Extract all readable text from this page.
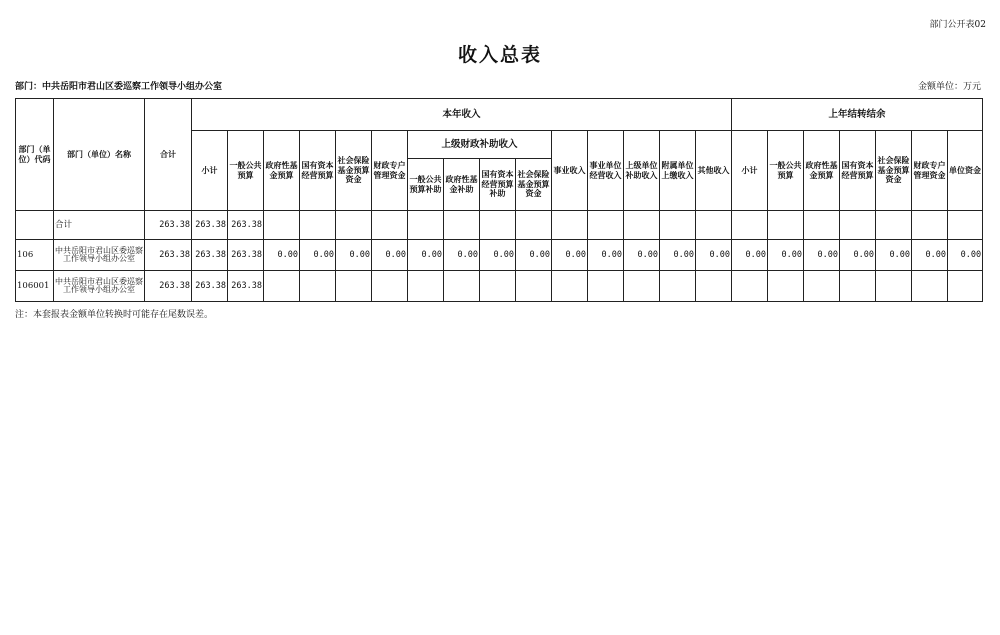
部门公开表02
收入总表
部门：中共岳阳市君山区委巡察工作领导小组办公室	金额单位：万元
部门（单位）代码	部门（单位）名称	合计	本年收入															上年结转结余						
			小计	一般公共预算	政府性基金预算	国有资本经营预算	社会保险基金预算资金	财政专户管理资金	上级财政补助收入				事业收入	事业单位经营收入	上级单位补助收入	附属单位上缴收入	其他收入	小计	一般公共预算	政府性基金预算	国有资本经营预算	社会保险基金预算资金	财政专户管理资金	单位资金
									一般公共预算补助	政府性基金补助	国有资本经营预算补助	社会保险基金预算资金												
	合计	263.38	263.38	263.38																				
106	中共岳阳市君山区委巡察工作领导小组办公室	263.38	263.38	263.38	0.00	0.00	0.00	0.00	0.00	0.00	0.00	0.00	0.00	0.00	0.00	0.00	0.00	0.00	0.00	0.00	0.00	0.00	0.00	0.00
106001	中共岳阳市君山区委巡察工作领导小组办公室	263.38	263.38	263.38																				
注：本套报表金额单位转换时可能存在尾数误差。
